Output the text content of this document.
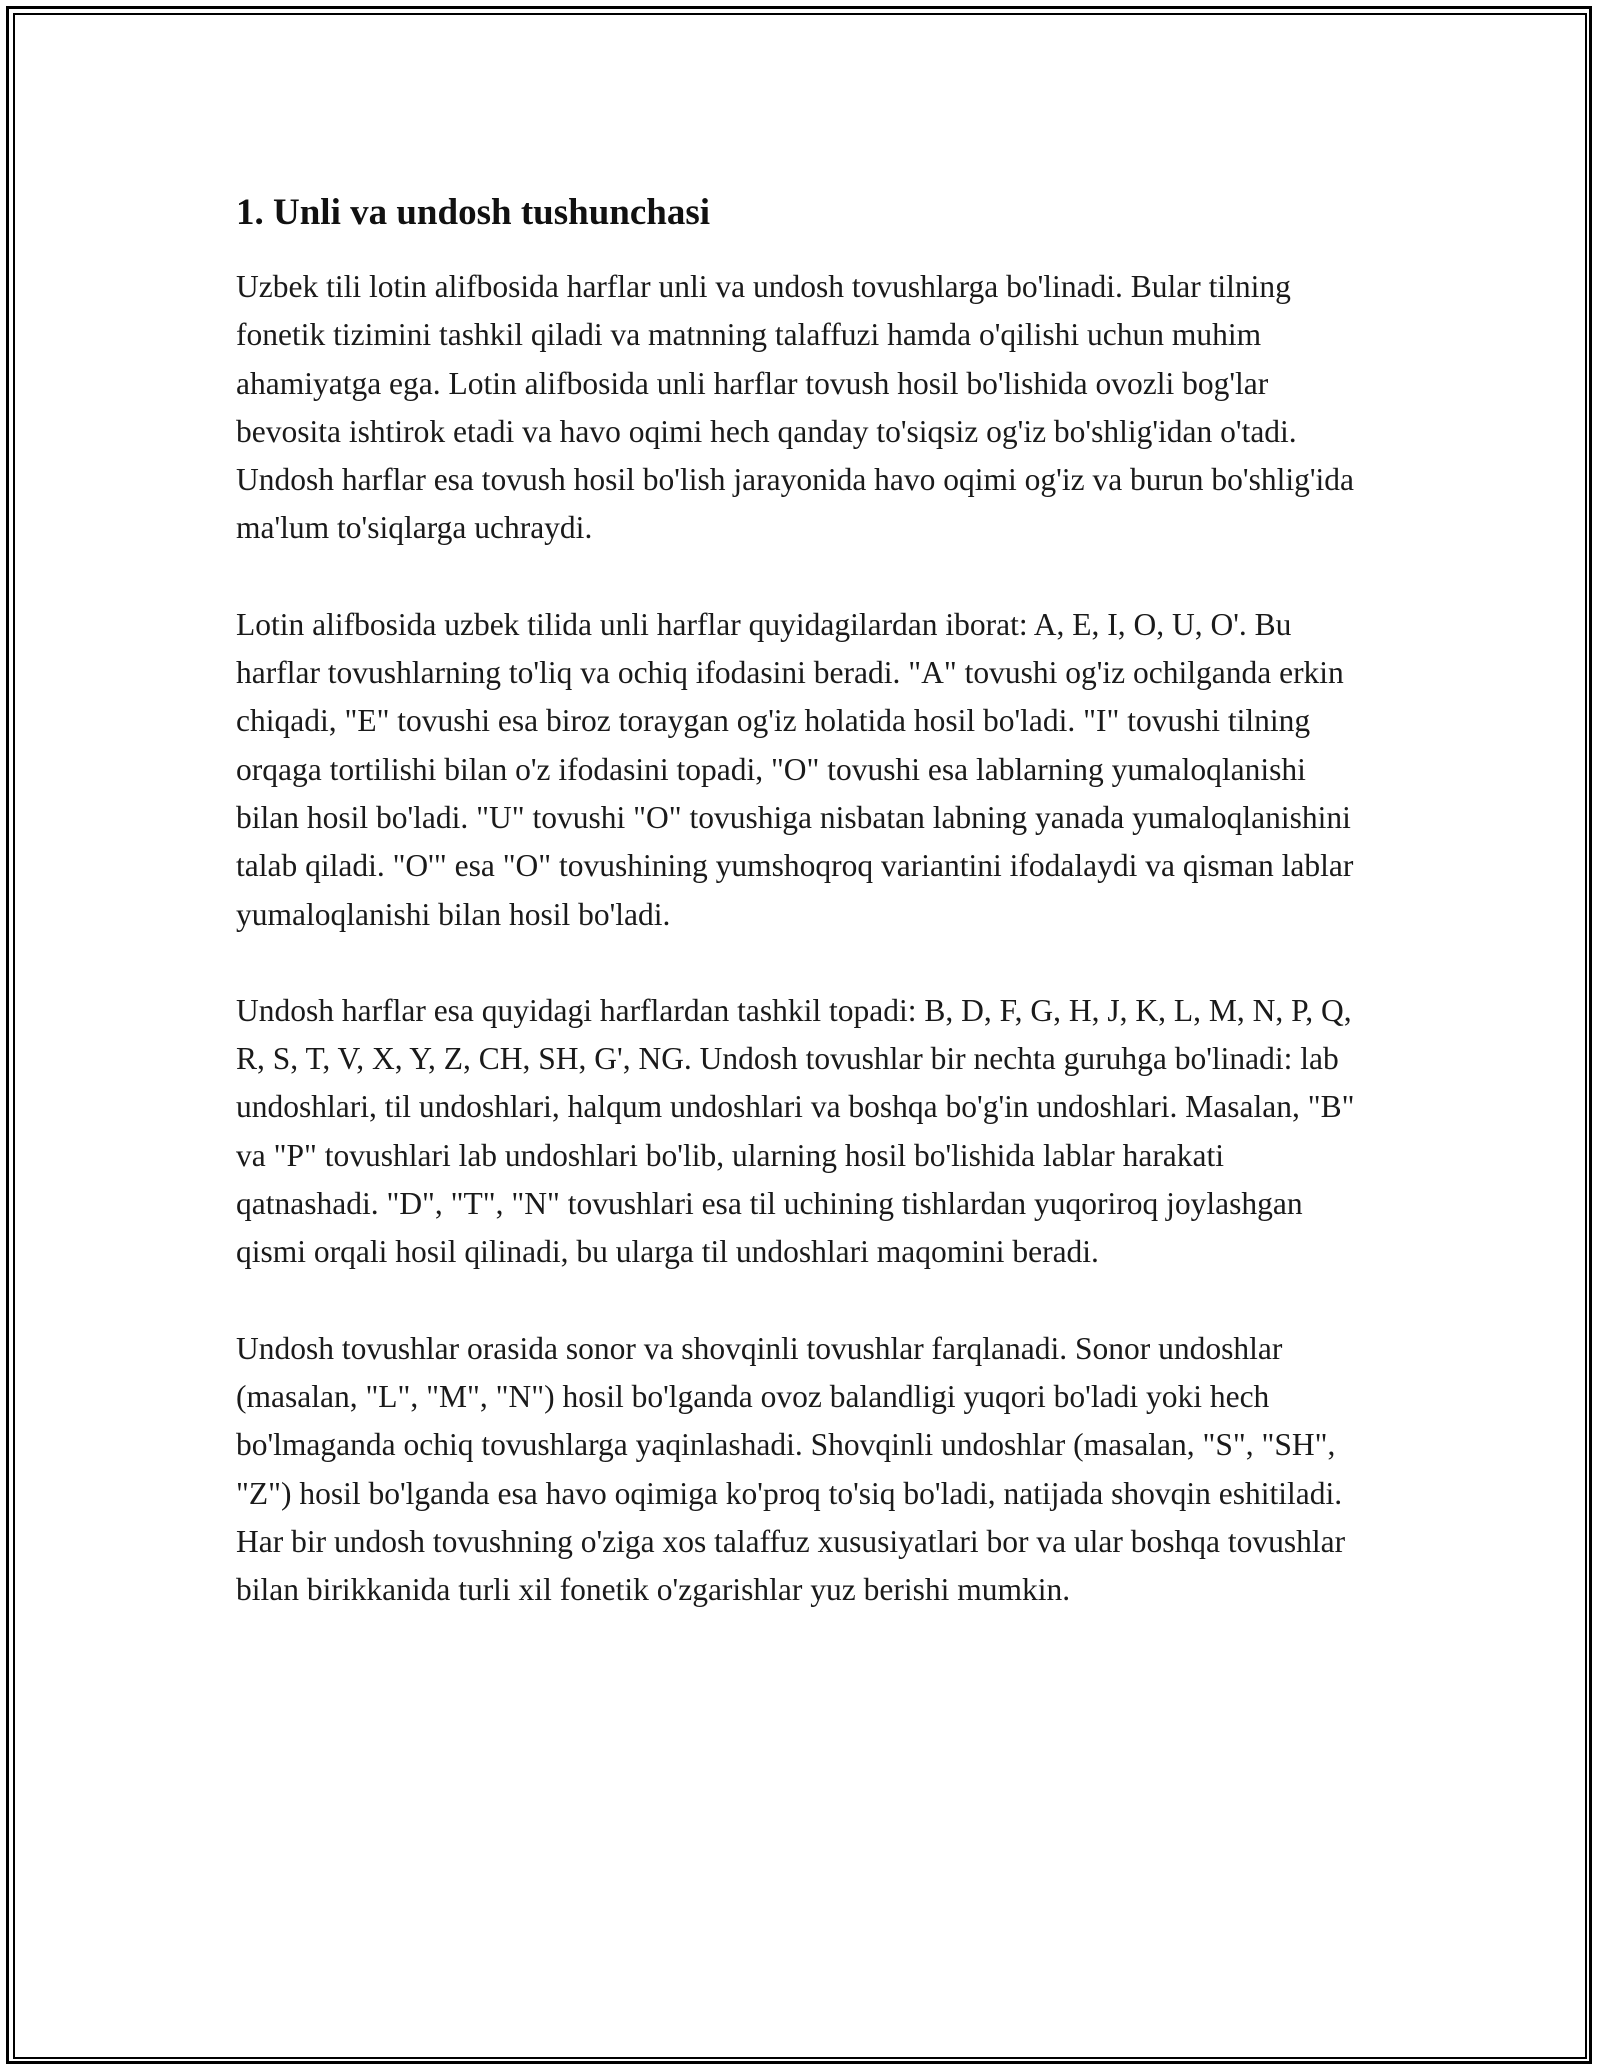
1. Unli va undosh tushunchasi

Uzbek tili lotin alifbosida harflar unli va undosh tovushlarga bo'linadi. Bular tilning fonetik tizimini tashkil qiladi va matnning talaffuzi hamda o'qilishi uchun muhim ahamiyatga ega. Lotin alifbosida unli harflar tovush hosil bo'lishida ovozli bog'lar bevosita ishtirok etadi va havo oqimi hech qanday to'siqsiz og'iz bo'shlig'idan o'tadi. Undosh harflar esa tovush hosil bo'lish jarayonida havo oqimi og'iz va burun bo'shlig'ida ma'lum to'siqlarga uchraydi.

Lotin alifbosida uzbek tilida unli harflar quyidagilardan iborat: A, E, I, O, U, O'. Bu harflar tovushlarning to'liq va ochiq ifodasini beradi. "A" tovushi og'iz ochilganda erkin chiqadi, "E" tovushi esa biroz toraygan og'iz holatida hosil bo'ladi. "I" tovushi tilning orqaga tortilishi bilan o'z ifodasini topadi, "O" tovushi esa lablarning yumaloqlanishi bilan hosil bo'ladi. "U" tovushi "O" tovushiga nisbatan labning yanada yumaloqlanishini talab qiladi. "O'" esa "O" tovushining yumshoqroq variantini ifodalaydi va qisman lablar yumaloqlanishi bilan hosil bo'ladi.

Undosh harflar esa quyidagi harflardan tashkil topadi: B, D, F, G, H, J, K, L, M, N, P, Q, R, S, T, V, X, Y, Z, CH, SH, G', NG. Undosh tovushlar bir nechta guruhga bo'linadi: lab undoshlari, til undoshlari, halqum undoshlari va boshqa bo'g'in undoshlari. Masalan, "B" va "P" tovushlari lab undoshlari bo'lib, ularning hosil bo'lishida lablar harakati qatnashadi. "D", "T", "N" tovushlari esa til uchining tishlardan yuqoriroq joylashgan qismi orqali hosil qilinadi, bu ularga til undoshlari maqomini beradi.

Undosh tovushlar orasida sonor va shovqinli tovushlar farqlanadi. Sonor undoshlar (masalan, "L", "M", "N") hosil bo'lganda ovoz balandligi yuqori bo'ladi yoki hech bo'lmaganda ochiq tovushlarga yaqinlashadi. Shovqinli undoshlar (masalan, "S", "SH", "Z") hosil bo'lganda esa havo oqimiga ko'proq to'siq bo'ladi, natijada shovqin eshitiladi. Har bir undosh tovushning o'ziga xos talaffuz xususiyatlari bor va ular boshqa tovushlar bilan birikkanida turli xil fonetik o'zgarishlar yuz berishi mumkin.
